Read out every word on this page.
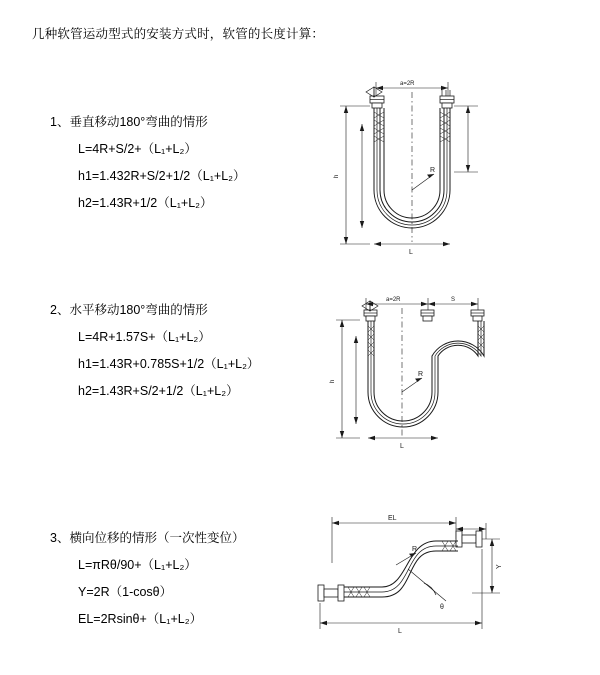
几种软管运动型式的安装方式时，软管的长度计算：
1、垂直移动180°弯曲的情形
L=4R+S/2+（L₁+L₂）
h1=1.432R+S/2+1/2（L₁+L₂）
h2=1.43R+1/2（L₁+L₂）
2、水平移动180°弯曲的情形
L=4R+1.57S+（L₁+L₂）
h1=1.43R+0.785S+1/2（L₁+L₂）
h2=1.43R+S/2+1/2（L₁+L₂）
3、横向位移的情形（一次性变位）
L=πRθ/90+（L₁+L₂）
Y=2R（1-cosθ）
EL=2Rsinθ+（L₁+L₂）
a=2R
h
R
L
a=2R	S
h
R
L
EL
Y
θ
R
L
